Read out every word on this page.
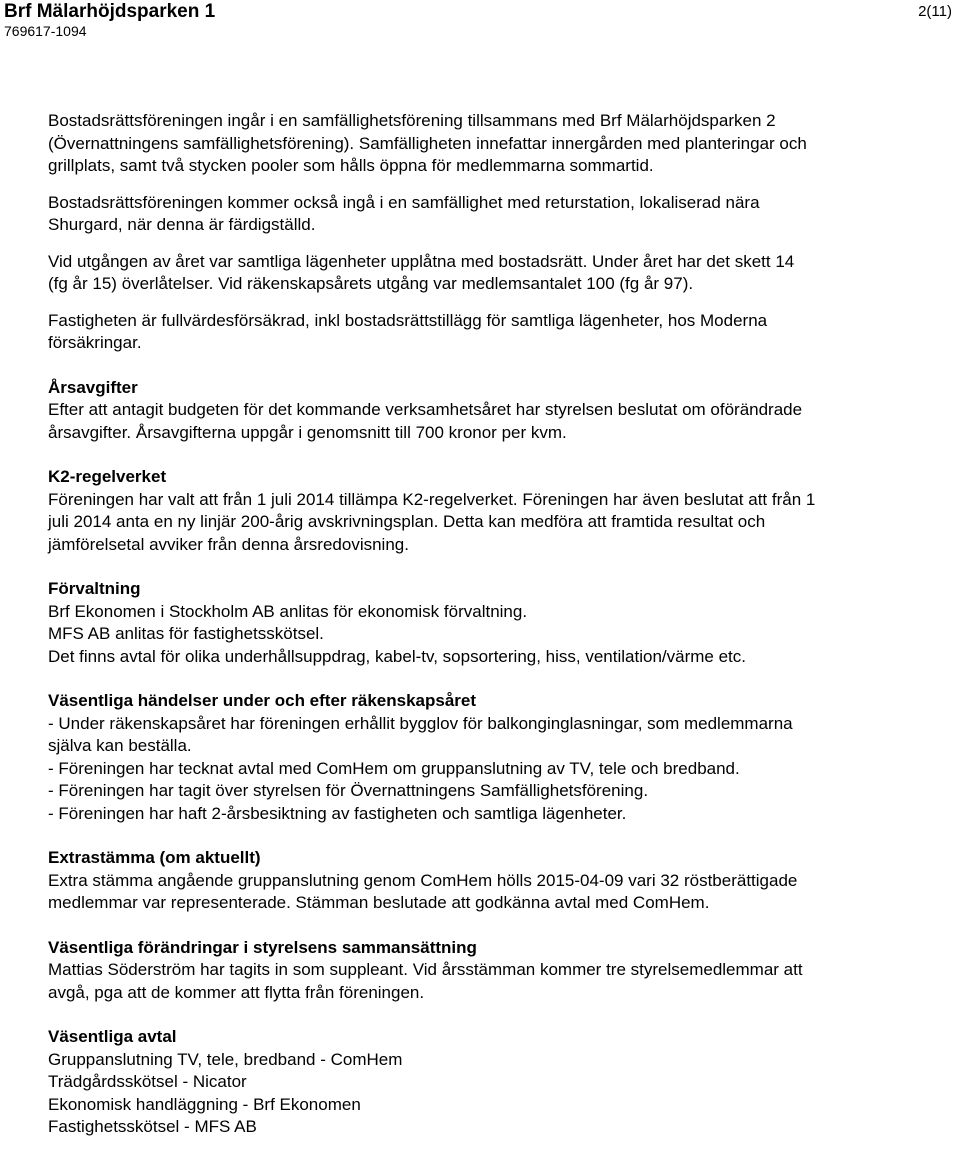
Brf Mälarhöjdsparken 1
769617-1094
2(11)
Bostadsrättsföreningen ingår i en samfällighetsförening tillsammans med Brf Mälarhöjdsparken 2
(Övernattningens samfällighetsförening). Samfälligheten innefattar innergården med planteringar och
grillplats, samt två stycken pooler som hålls öppna för medlemmarna sommartid.
Bostadsrättsföreningen kommer också ingå i en samfällighet med returstation, lokaliserad nära
Shurgard, när denna är färdigställd.
Vid utgången av året var samtliga lägenheter upplåtna med bostadsrätt. Under året har det skett 14
(fg år 15) överlåtelser. Vid räkenskapsårets utgång var medlemsantalet 100 (fg år 97).
Fastigheten är fullvärdesförsäkrad, inkl bostadsrättstillägg för samtliga lägenheter, hos Moderna
försäkringar.
Årsavgifter
Efter att antagit budgeten för det kommande verksamhetsåret har styrelsen beslutat om oförändrade
årsavgifter. Årsavgifterna uppgår i genomsnitt till 700 kronor per kvm.
K2-regelverket
Föreningen har valt att från 1 juli 2014 tillämpa K2-regelverket. Föreningen har även beslutat att från 1
juli 2014 anta en ny linjär 200-årig avskrivningsplan. Detta kan medföra att framtida resultat och
jämförelsetal avviker från denna årsredovisning.
Förvaltning
Brf Ekonomen i Stockholm AB anlitas för ekonomisk förvaltning.
MFS AB anlitas för fastighetsskötsel.
Det finns avtal för olika underhållsuppdrag, kabel-tv, sopsortering, hiss, ventilation/värme etc.
Väsentliga händelser under och efter räkenskapsåret
- Under räkenskapsåret har föreningen erhållit bygglov för balkonginglasningar, som medlemmarna
själva kan beställa.
- Föreningen har tecknat avtal med ComHem om gruppanslutning av TV, tele och bredband.
- Föreningen har tagit över styrelsen för Övernattningens Samfällighetsförening.
- Föreningen har haft 2-årsbesiktning av fastigheten och samtliga lägenheter.
Extrastämma (om aktuellt)
Extra stämma angående gruppanslutning genom ComHem hölls 2015-04-09 vari 32 röstberättigade
medlemmar var representerade. Stämman beslutade att godkänna avtal med ComHem.
Väsentliga förändringar i styrelsens sammansättning
Mattias Söderström har tagits in som suppleant. Vid årsstämman kommer tre styrelsemedlemmar att
avgå, pga att de kommer att flytta från föreningen.
Väsentliga avtal
Gruppanslutning TV, tele, bredband - ComHem
Trädgårdsskötsel - Nicator
Ekonomisk handläggning - Brf Ekonomen
Fastighetsskötsel - MFS AB
